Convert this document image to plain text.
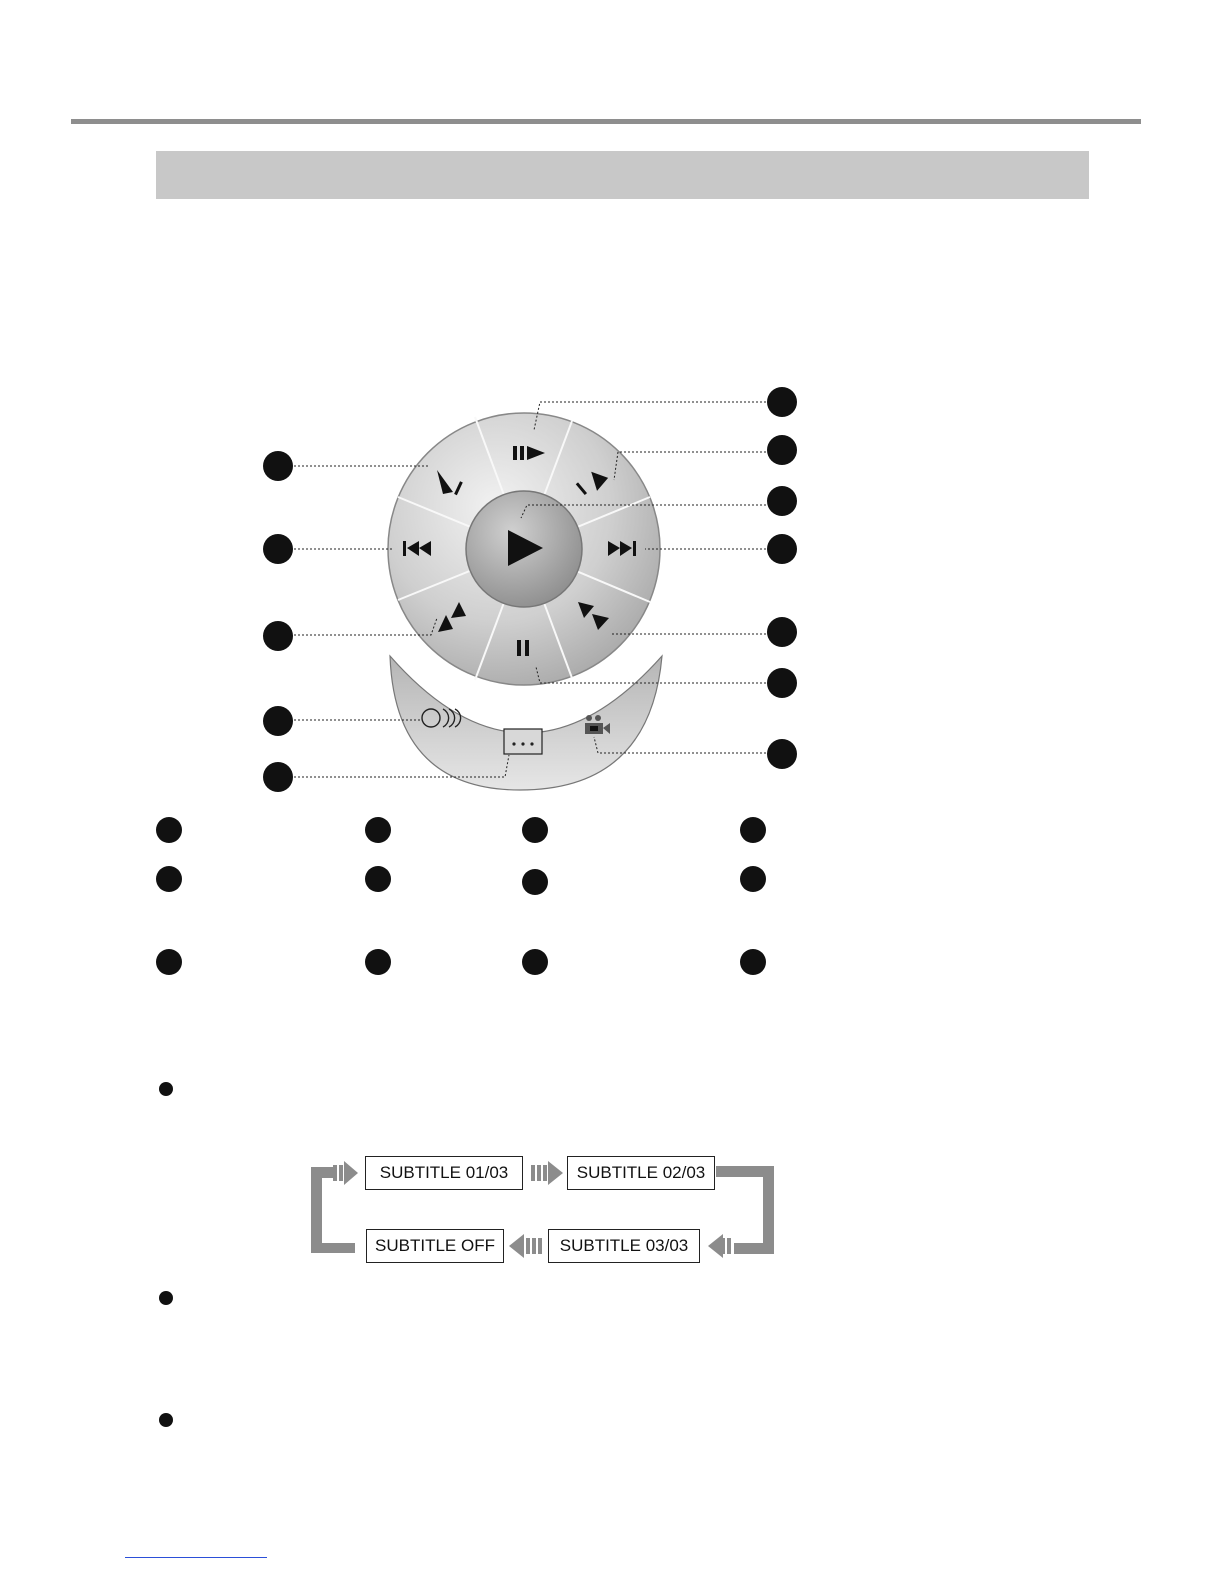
SUBTITLE 01/03	SUBTITLE 02/03
SUBTITLE 03/03
SUBTITLE OFF
